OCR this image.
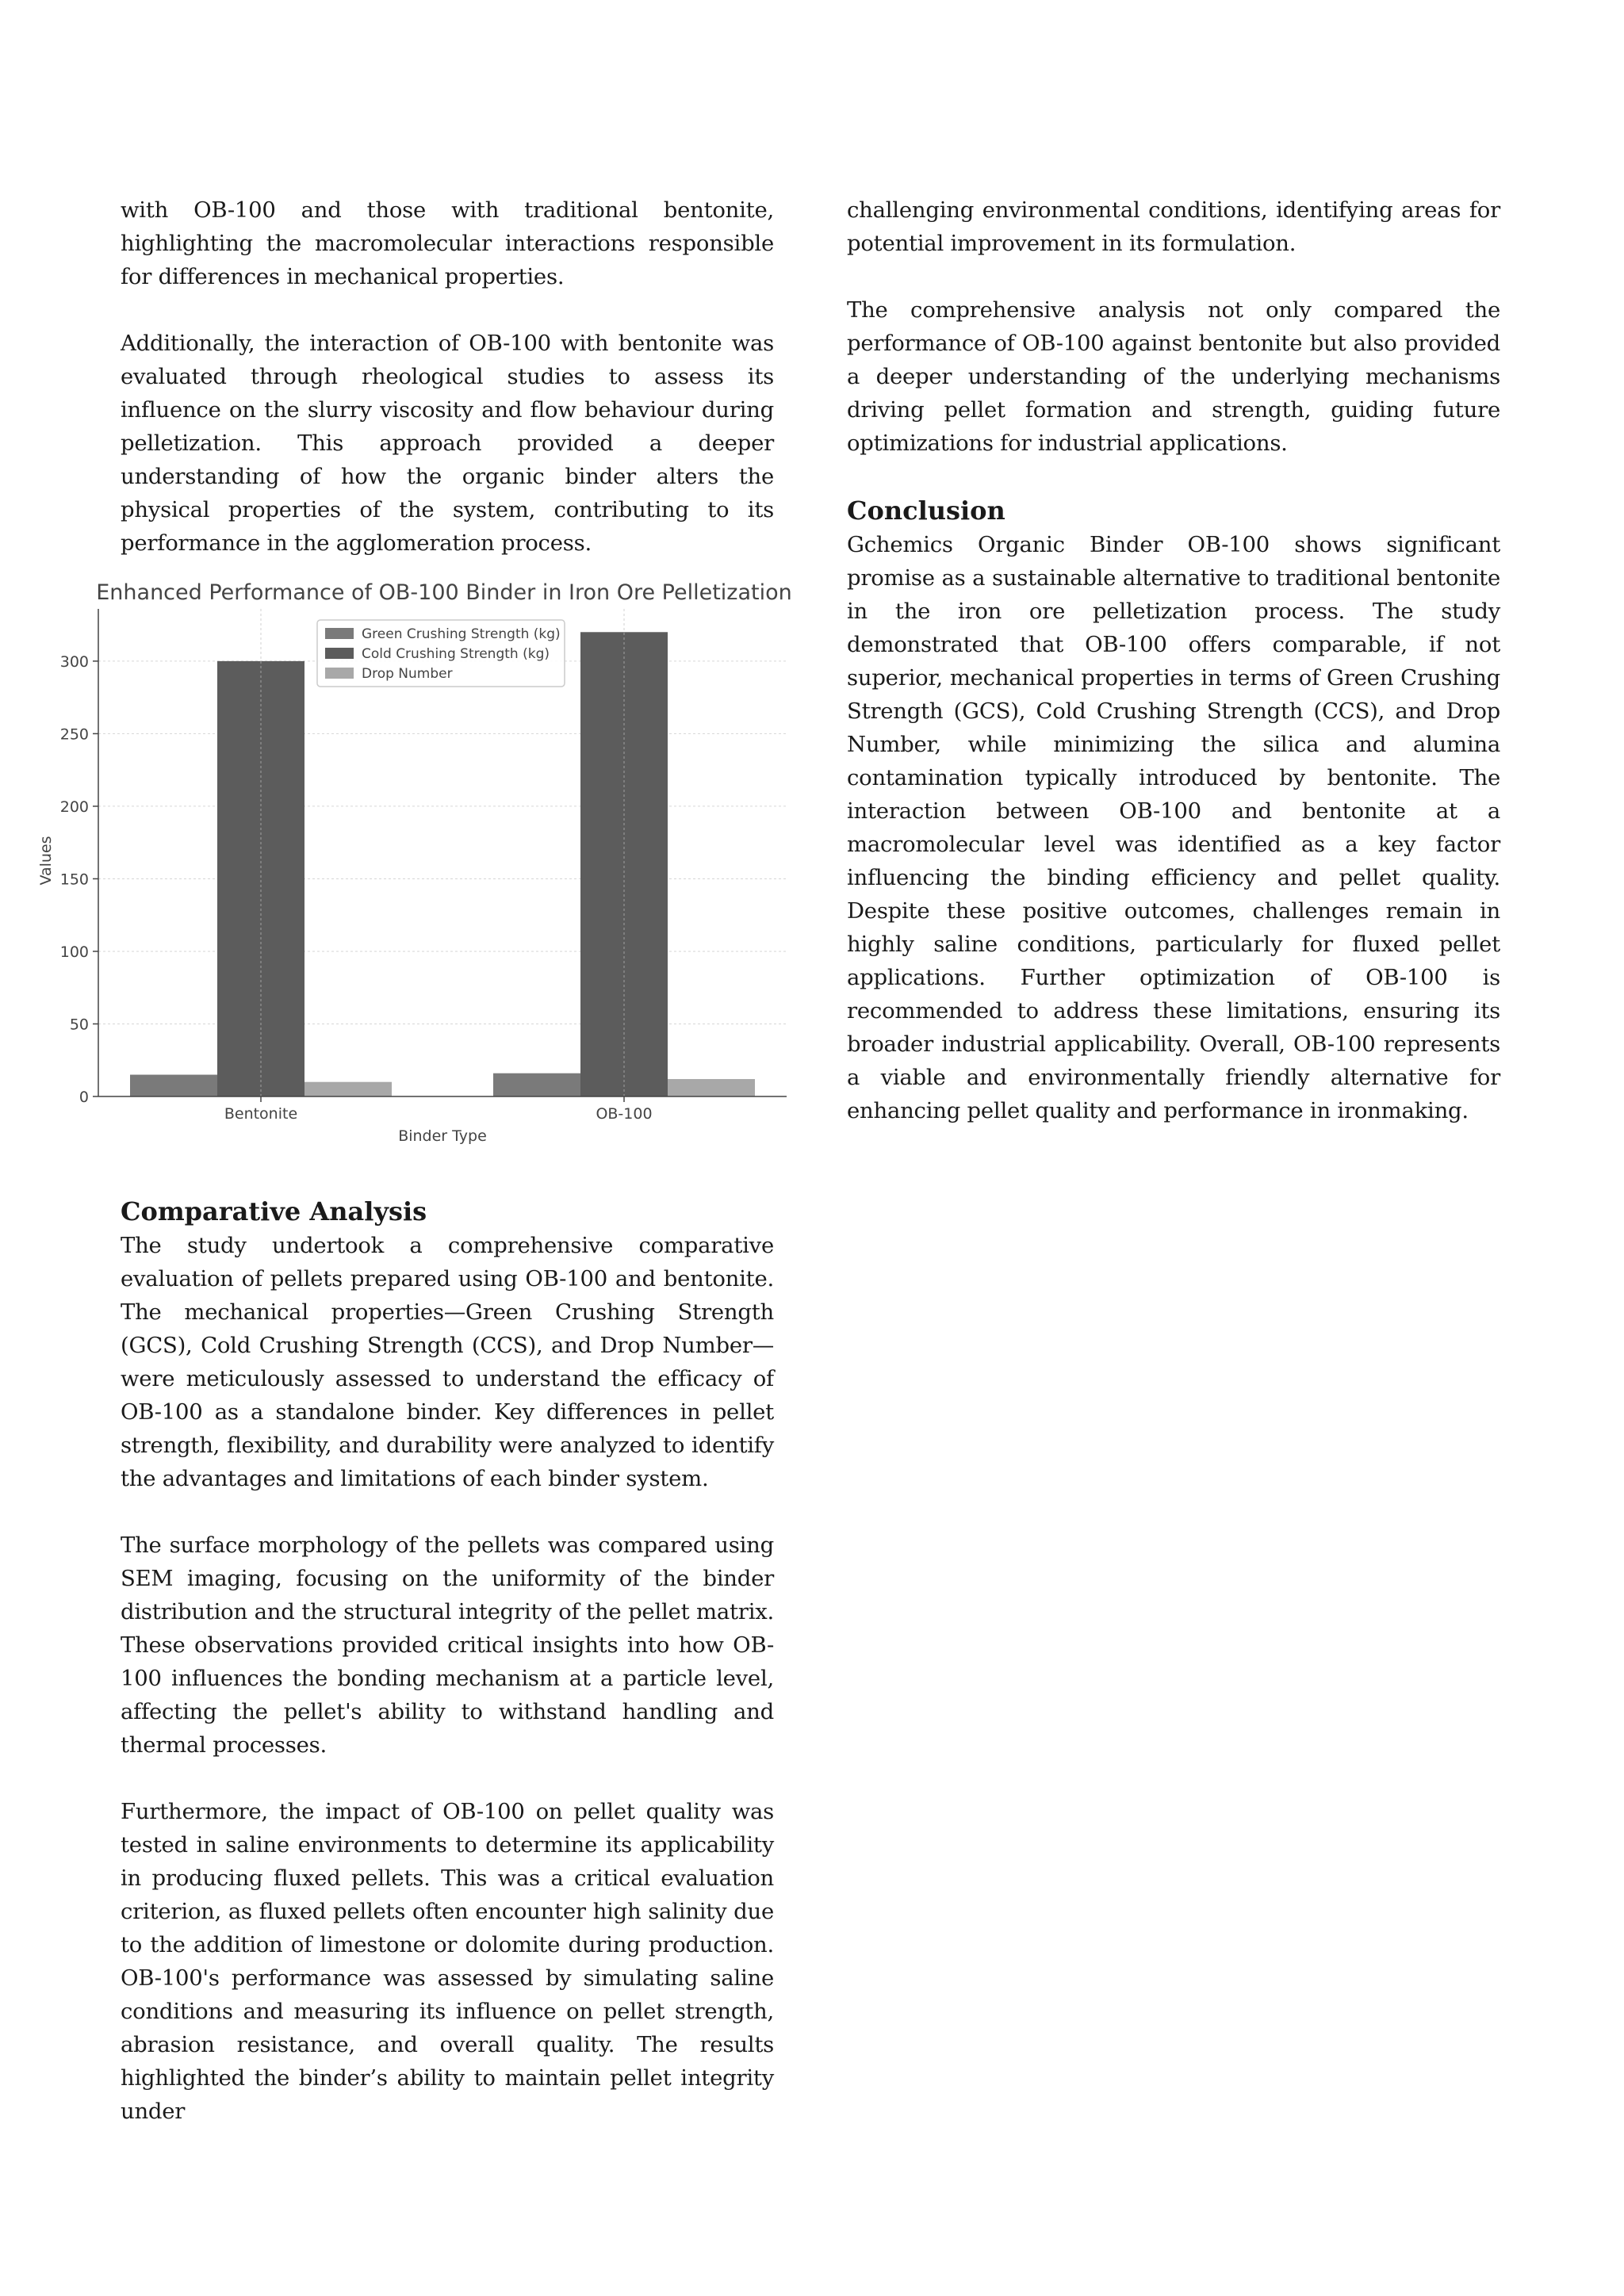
with OB-100 and those with traditional bentonite, highlighting the macromolecular interactions responsible for differences in mechanical properties.

Additionally, the interaction of OB-100 with bentonite was evaluated through rheological studies to assess its influence on the slurry viscosity and flow behaviour during pelletization. This approach provided a deeper understanding of how the organic binder alters the physical properties of the system, contributing to its performance in the agglomeration process.

Enhanced Performance of OB-100 Binder in Iron Ore Pelletization
0
50
100
150
200
250
300
Bentonite	OB-100
Binder Type
Values
Green Crushing Strength (kg)
Cold Crushing Strength (kg)
Drop Number
Comparative Analysis

The study undertook a comprehensive comparative evaluation of pellets prepared using OB-100 and bentonite. The mechanical properties—Green Crushing Strength (GCS), Cold Crushing Strength (CCS), and Drop Number—were meticulously assessed to understand the efficacy of OB-100 as a standalone binder. Key differences in pellet strength, flexibility, and durability were analyzed to identify the advantages and limitations of each binder system.

The surface morphology of the pellets was compared using SEM imaging, focusing on the uniformity of the binder distribution and the structural integrity of the pellet matrix. These observations provided critical insights into how OB-100 influences the bonding mechanism at a particle level, affecting the pellet's ability to withstand handling and thermal processes.

Furthermore, the impact of OB-100 on pellet quality was tested in saline environments to determine its applicability in producing fluxed pellets. This was a critical evaluation criterion, as fluxed pellets often encounter high salinity due to the addition of limestone or dolomite during production. OB-100's performance was assessed by simulating saline conditions and measuring its influence on pellet strength, abrasion resistance, and overall quality. The results highlighted the binder’s ability to maintain pellet integrity under

challenging environmental conditions, identifying areas for potential improvement in its formulation.

The comprehensive analysis not only compared the performance of OB-100 against bentonite but also provided a deeper understanding of the underlying mechanisms driving pellet formation and strength, guiding future optimizations for industrial applications.

Conclusion

Gchemics Organic Binder OB-100 shows significant promise as a sustainable alternative to traditional bentonite in the iron ore pelletization process. The study demonstrated that OB-100 offers comparable, if not superior, mechanical properties in terms of Green Crushing Strength (GCS), Cold Crushing Strength (CCS), and Drop Number, while minimizing the silica and alumina contamination typically introduced by bentonite. The interaction between OB-100 and bentonite at a macromolecular level was identified as a key factor influencing the binding efficiency and pellet quality. Despite these positive outcomes, challenges remain in highly saline conditions, particularly for fluxed pellet applications. Further optimization of OB-100 is recommended to address these limitations, ensuring its broader industrial applicability. Overall, OB-100 represents a viable and environmentally friendly alternative for enhancing pellet quality and performance in ironmaking.
